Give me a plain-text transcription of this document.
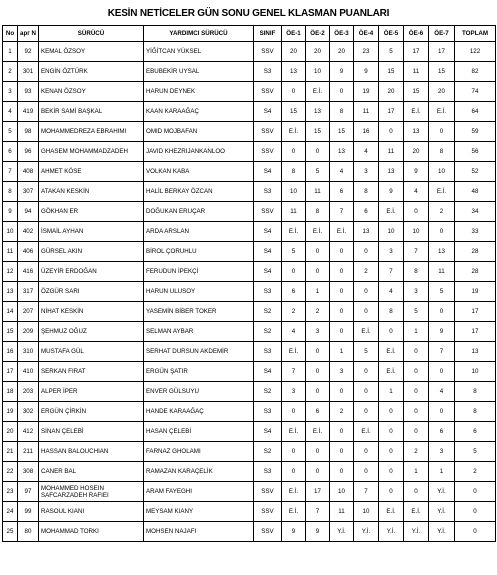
KESİN NETİCELER GÜN SONU GENEL KLASMAN PUANLARI
No	арг N	SÜRÜCÜ	YARDIMCI SÜRÜCÜ	SINIF	ÖE-1	ÖE-2	ÖE-3	ÖE-4	ÖE-5	ÖE-6	ÖE-7	TOPLAM
1	92	KEMAL ÖZSOY	YİĞİTCAN YÜKSEL	SSV	20	20	20	23	5	17	17	122
2	301	ENGİN ÖZTÜRK	EBUBEKİR UYSAL	S3	13	10	9	9	15	11	15	82
3	93	KENAN ÖZSOY	HARUN DEYNEK	SSV	0	E.İ.	0	19	20	15	20	74
4	419	BEKİR SAMİ BAŞKAL	KAAN KARAAĞAÇ	S4	15	13	8	11	17	E.İ.	E.İ.	64
5	98	MOHAMMEDREZA EBRAHIMI	OMID MOJBAFAN	SSV	E.İ.	15	15	16	0	13	0	59
6	96	GHASEM MOHAMMADZADEH	JAVID KHEZRIJANKANLOO	SSV	0	0	13	4	11	20	8	56
7	408	AHMET KÖSE	VOLKAN KABA	S4	8	5	4	3	13	9	10	52
8	307	ATAKAN KESKİN	HALİL BERKAY ÖZCAN	S3	10	11	6	8	9	4	E.İ.	48
9	94	GÖKHAN ER	DOĞUKAN ERUÇAR	SSV	11	8	7	6	E.İ.	0	2	34
10	402	İSMAİL AYHAN	ARDA ARSLAN	S4	E.İ.	E.İ.	E.İ.	13	10	10	0	33
11	406	GÜRSEL AKIN	BİROL ÇORUHLU	S4	5	0	0	0	3	7	13	28
12	416	ÜZEYİR ERDOĞAN	FERUDUN İPEKÇİ	S4	0	0	0	2	7	8	11	28
13	317	ÖZGÜR SARI	HARUN ULUSOY	S3	6	1	0	0	4	3	5	19
14	207	NİHAT KESKİN	YASEMİN BİBER TOKER	S2	2	2	0	0	8	5	0	17
15	209	ŞEHMUZ OĞUZ	SELMAN AYBAR	S2	4	3	0	E.İ.	0	1	9	17
16	310	MUSTAFA GÜL	SERHAT DURSUN AKDEMİR	S3	E.İ.	0	1	5	E.İ.	0	7	13
17	410	SERKAN FIRAT	ERGÜN ŞATIR	S4	7	0	3	0	E.İ.	0	0	10
18	203	ALPER İPER	ENVER GÜLSUYU	S2	3	0	0	0	1	0	4	8
19	302	ERGÜN ÇİRKİN	HANDE KARAAĞAÇ	S3	0	6	2	0	0	0	0	8
20	412	SİNAN ÇELEBİ	HASAN ÇELEBİ	S4	E.İ.	E.İ.	0	E.İ.	0	0	6	6
21	211	HASSAN BALOUCHIAN	FARNAZ GHOLAMI	S2	0	0	0	0	0	2	3	5
22	308	CANER BAL	RAMAZAN KARAÇELİK	S3	0	0	0	0	0	1	1	2
23	97	MOHAMMED HOSEIN SAFCARZADEH RAFIEI	ARAM FAYEGHI	SSV	E.İ.	17	10	7	0	0	Y.İ.	0
24	99	RASOUL KIANI	MEYSAM KIANY	SSV	E.İ.	7	11	10	E.İ.	E.İ.	Y.İ.	0
25	80	MOHAMMAD TORKI	MOHSEN NAJAFI	SSV	9	9	Y.İ.	Y.İ.	Y.İ.	Y.İ.	Y.İ.	0
